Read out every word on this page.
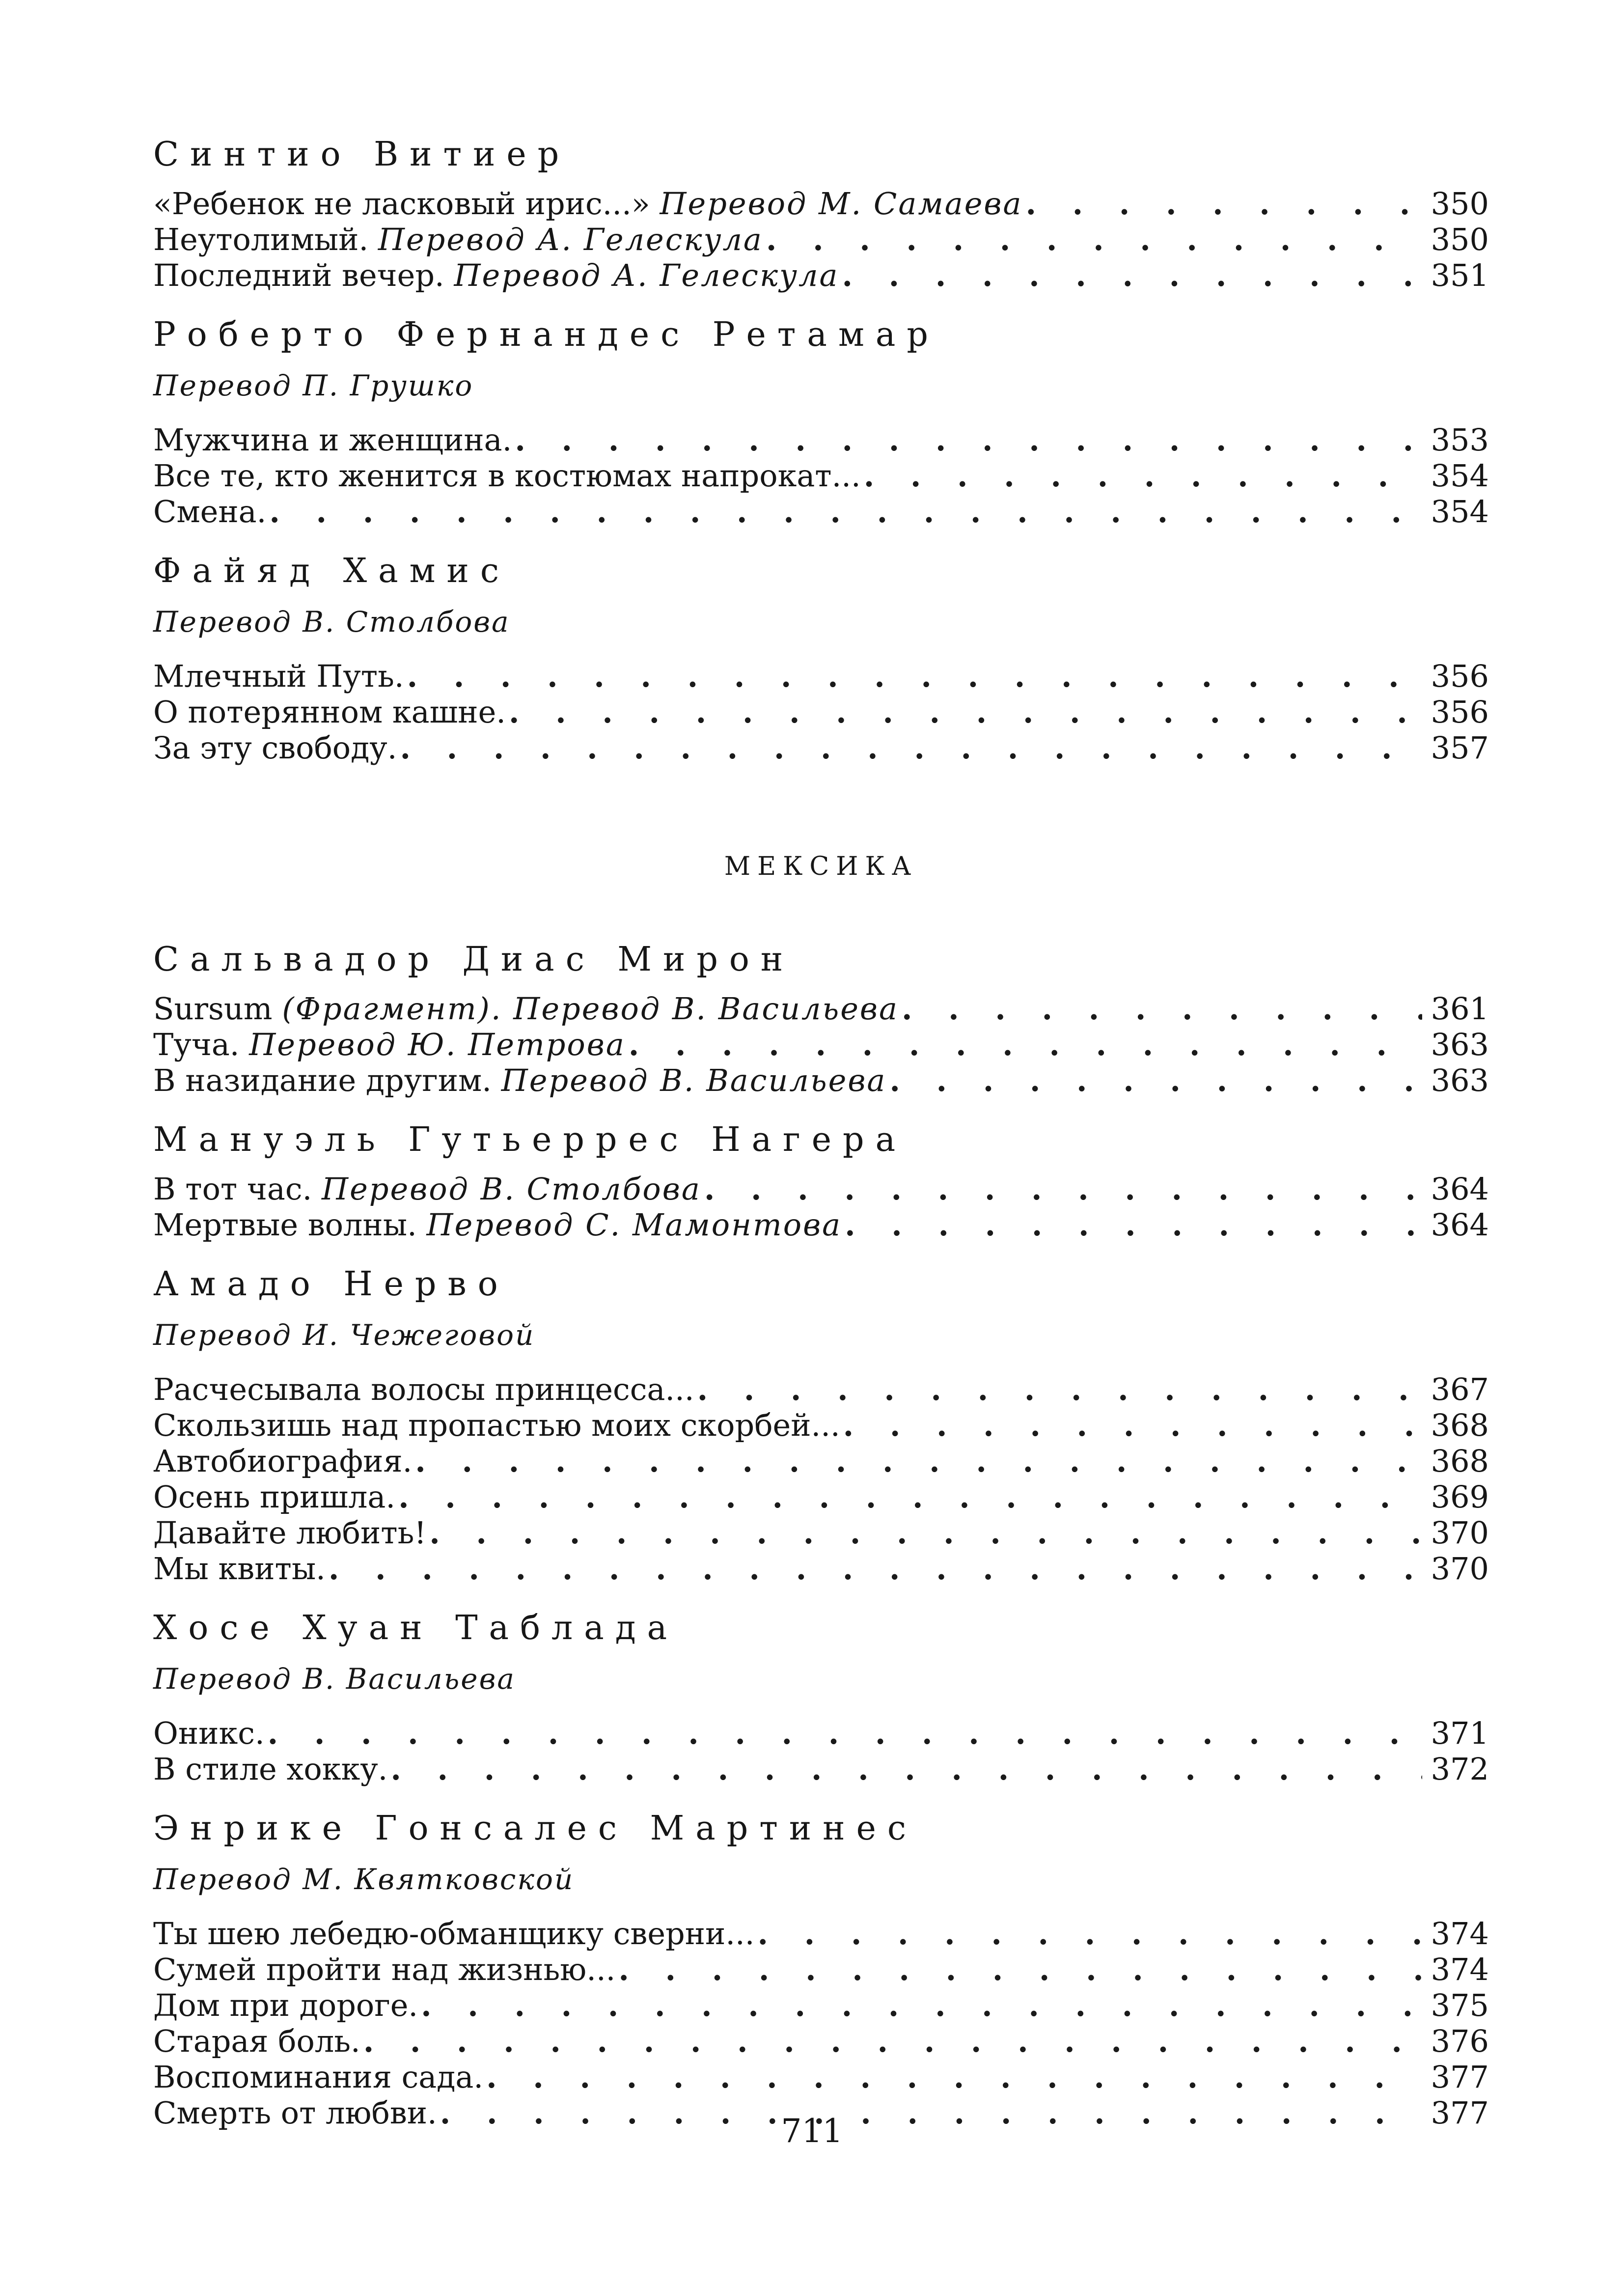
Синтио Витиер
«Ребенок не ласковый ирис...» Перевод М. Самаева . . .	350
Неутолимый. Перевод А. Гелескула . . .	350
Последний вечер. Перевод А. Гелескула . . .	351
Роберто Фернандес Ретамар
Перевод П. Грушко
Мужчина и женщина. . . .	353
Все те, кто женится в костюмах напрокат... . . .	354
Смена. . . .	354
Файяд Хамис
Перевод В. Столбова
Млечный Путь. . . .	356
О потерянном кашне. . . .	356
За эту свободу. . . .	357
МЕКСИКА
Сальвадор Диас Мирон
Sursum (Фрагмент). Перевод В. Васильева . . .	361
Туча. Перевод Ю. Петрова . . .	363
В назидание другим. Перевод В. Васильева . . .	363
Мануэль Гутьеррес Нагера
В тот час. Перевод В. Столбова . . .	364
Мертвые волны. Перевод С. Мамонтова . . .	364
Амадо Нерво
Перевод И. Чежеговой
Расчесывала волосы принцесса... . . .	367
Скользишь над пропастью моих скорбей... . . .	368
Автобиография. . . .	368
Осень пришла. . . .	369
Давайте любить! . . .	370
Мы квиты. . . .	370
Хосе Хуан Таблада
Перевод В. Васильева
Оникс. . . .	371
В стиле хокку. . . .	372
Энрике Гонсалес Мартинес
Перевод М. Квятковской
Ты шею лебедю-обманщику сверни... . . .	374
Сумей пройти над жизнью... . . .	374
Дом при дороге. . . .	375
Старая боль. . . .	376
Воспоминания сада. . . .	377
Смерть от любви. . . .	377
711
